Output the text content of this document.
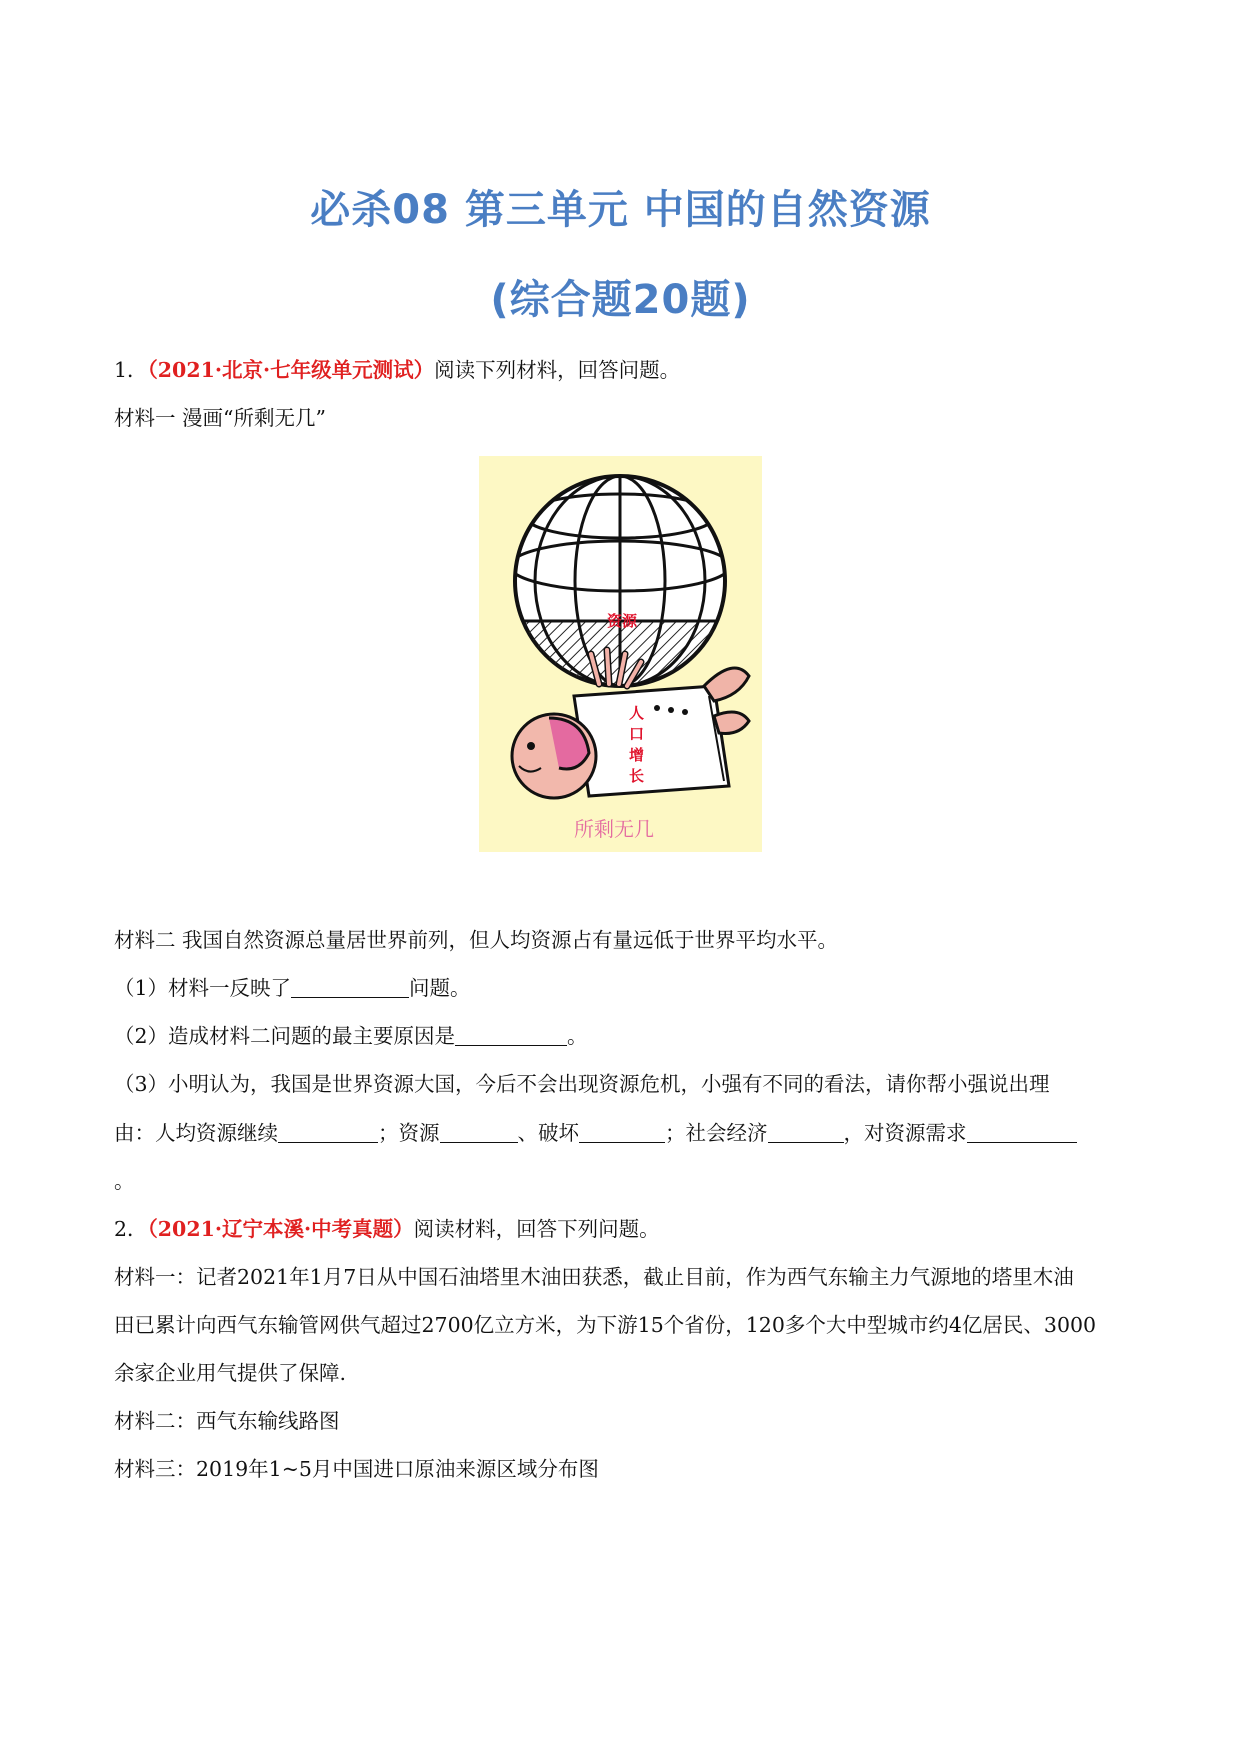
必杀08 第三单元 中国的自然资源
(综合题20题)
1．（2021·北京·七年级单元测试）阅读下列材料，回答问题。
材料一 漫画“所剩无几”
资源
人
口
增
长
所剩无几
材料二 我国自然资源总量居世界前列，但人均资源占有量远低于世界平均水平。
（1）材料一反映了	问题。
（2）造成材料二问题的最主要原因是	。
（3）小明认为，我国是世界资源大国，今后不会出现资源危机，小强有不同的看法，请你帮小强说出理
由：人均资源继续	；资源	、破坏	；社会经济	，对资源需求
。
2．（2021·辽宁本溪·中考真题）阅读材料，回答下列问题。
材料一：记者2021年1月7日从中国石油塔里木油田获悉，截止目前，作为西气东输主力气源地的塔里木油
田已累计向西气东输管网供气超过2700亿立方米，为下游15个省份，120多个大中型城市约4亿居民、3000
余家企业用气提供了保障.
材料二：西气东输线路图
材料三：2019年1~5月中国进口原油来源区域分布图
